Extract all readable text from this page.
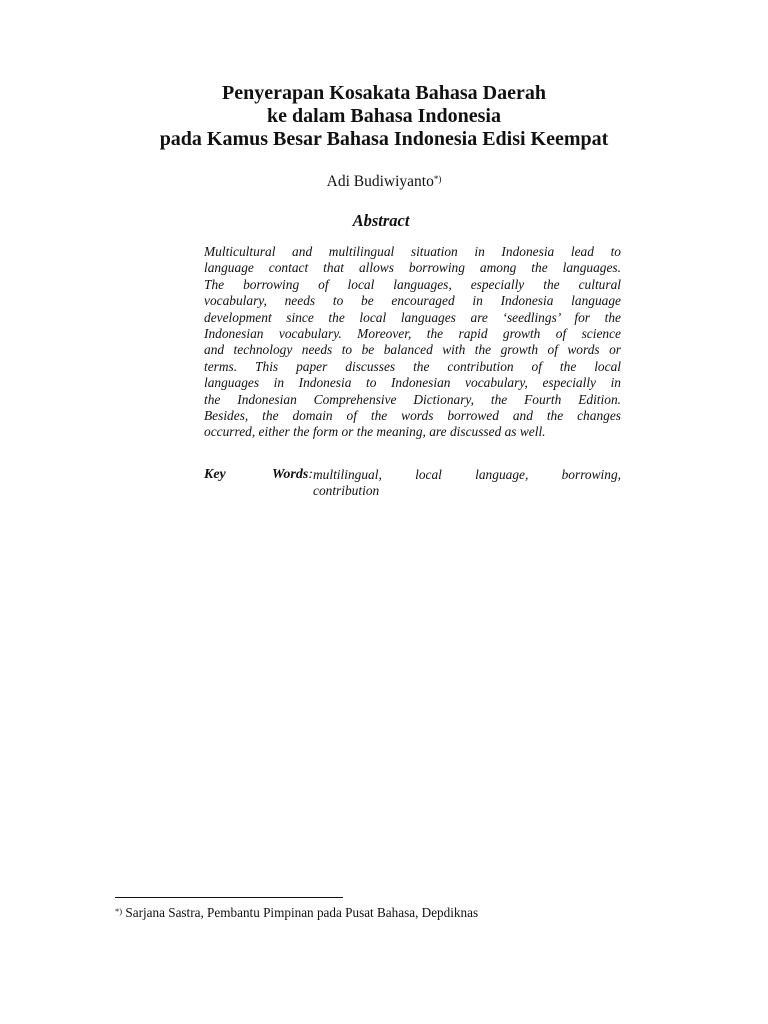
Penyerapan Kosakata Bahasa Daerah
ke dalam Bahasa Indonesia
pada Kamus Besar Bahasa Indonesia Edisi Keempat
Adi Budiwiyanto*)
Abstract
Multicultural and multilingual situation in Indonesia lead to
language contact that allows borrowing among the languages.
The borrowing of local languages, especially the cultural
vocabulary, needs to be encouraged in Indonesia language
development since the local languages are ‘seedlings’ for the
Indonesian vocabulary. Moreover, the rapid growth of science
and technology needs to be balanced with the growth of words or
terms. This paper discusses the contribution of the local
languages in Indonesia to Indonesian vocabulary, especially in
the Indonesian Comprehensive Dictionary, the Fourth Edition.
Besides, the domain of the words borrowed and the changes
occurred, either the form or the meaning, are discussed as well.
Key	Words: multilingual, local language, borrowing,
contribution
*) Sarjana Sastra, Pembantu Pimpinan pada Pusat Bahasa, Depdiknas
